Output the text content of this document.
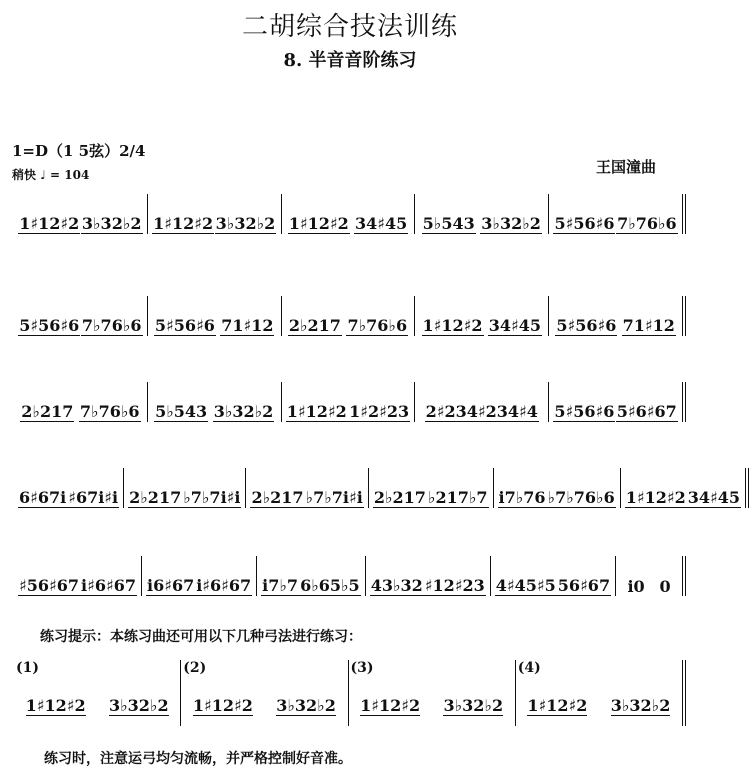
二胡综合技法训练
8. 半音音阶练习
1=D（1 5弦）2/4
稍快 ♩ = 104	王国潼曲
1♯12♯2 3♭32♭2 1♯12♯2 3♭32♭2 1♯12♯2 34♯45 5♭543 3♭32♭2 5♯56♯6 7♭76♭6
5♯56♯6 7♭76♭6 5♯56♯6 71♯12 2♭217 7♭76♭6 1♯12♯2 34♯45 5♯56♯6 71♯12
2♭217 7♭76♭6 5♭543 3♭32♭2 1♯12♯2 1♯2♯23 2♯234♯234♯4 5♯56♯6 5♯6♯67
6♯67i ♯67i♯i 2♭217 ♭7♭7i♯i 2♭217 ♭7♭7i♯i 2♭217 ♭217♭7 i7♭76 ♭7♭76♭6 1♯12♯2 34♯45
♯56♯67 i♯6♯67 i6♯67 i♯6♯67 i7♭7 6♭65♭5 43♭32 ♯12♯23 4♯45♯5 56♯67 i0 0
练习提示：本练习曲还可用以下几种弓法进行练习：
(1)
1♯12♯2 3♭32♭2
(2)
1♯12♯2 3♭32♭2
(3)
1♯12♯2 3♭32♭2
(4)
1♯12♯2 3♭32♭2
练习时，注意运弓均匀流畅，并严格控制好音准。
